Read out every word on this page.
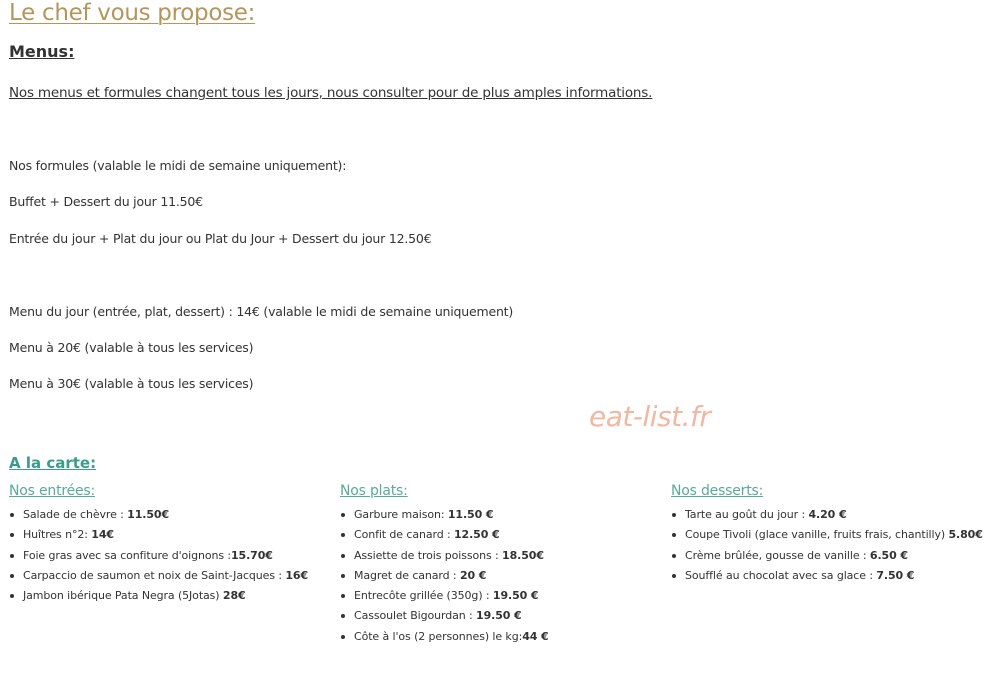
Le chef vous propose:
Menus:

Nos menus et formules changent tous les jours, nous consulter pour de plus amples informations.

Nos formules (valable le midi de semaine uniquement):

Buffet + Dessert du jour 11.50€

Entrée du jour + Plat du jour ou Plat du Jour + Dessert du jour 12.50€

Menu du jour (entrée, plat, dessert) : 14€ (valable le midi de semaine uniquement)

Menu à 20€ (valable à tous les services)

Menu à 30€ (valable à tous les services)

eat-list.fr
A la carte:
Nos entrées:
Salade de chèvre : 11.50€
Huîtres n°2: 14€
Foie gras avec sa confiture d'oignons :15.70€
Carpaccio de saumon et noix de Saint-Jacques : 16€
Jambon ibérique Pata Negra (5Jotas) 28€
Nos plats:
Garbure maison: 11.50 €
Confit de canard : 12.50 €
Assiette de trois poissons : 18.50€
Magret de canard : 20 €
Entrecôte grillée (350g) : 19.50 €
Cassoulet Bigourdan : 19.50 €
Côte à l'os (2 personnes) le kg:44 €
Nos desserts:
Tarte au goût du jour : 4.20 €
Coupe Tivoli (glace vanille, fruits frais, chantilly) 5.80€
Crème brûlée, gousse de vanille : 6.50 €
Soufflé au chocolat avec sa glace : 7.50 €
